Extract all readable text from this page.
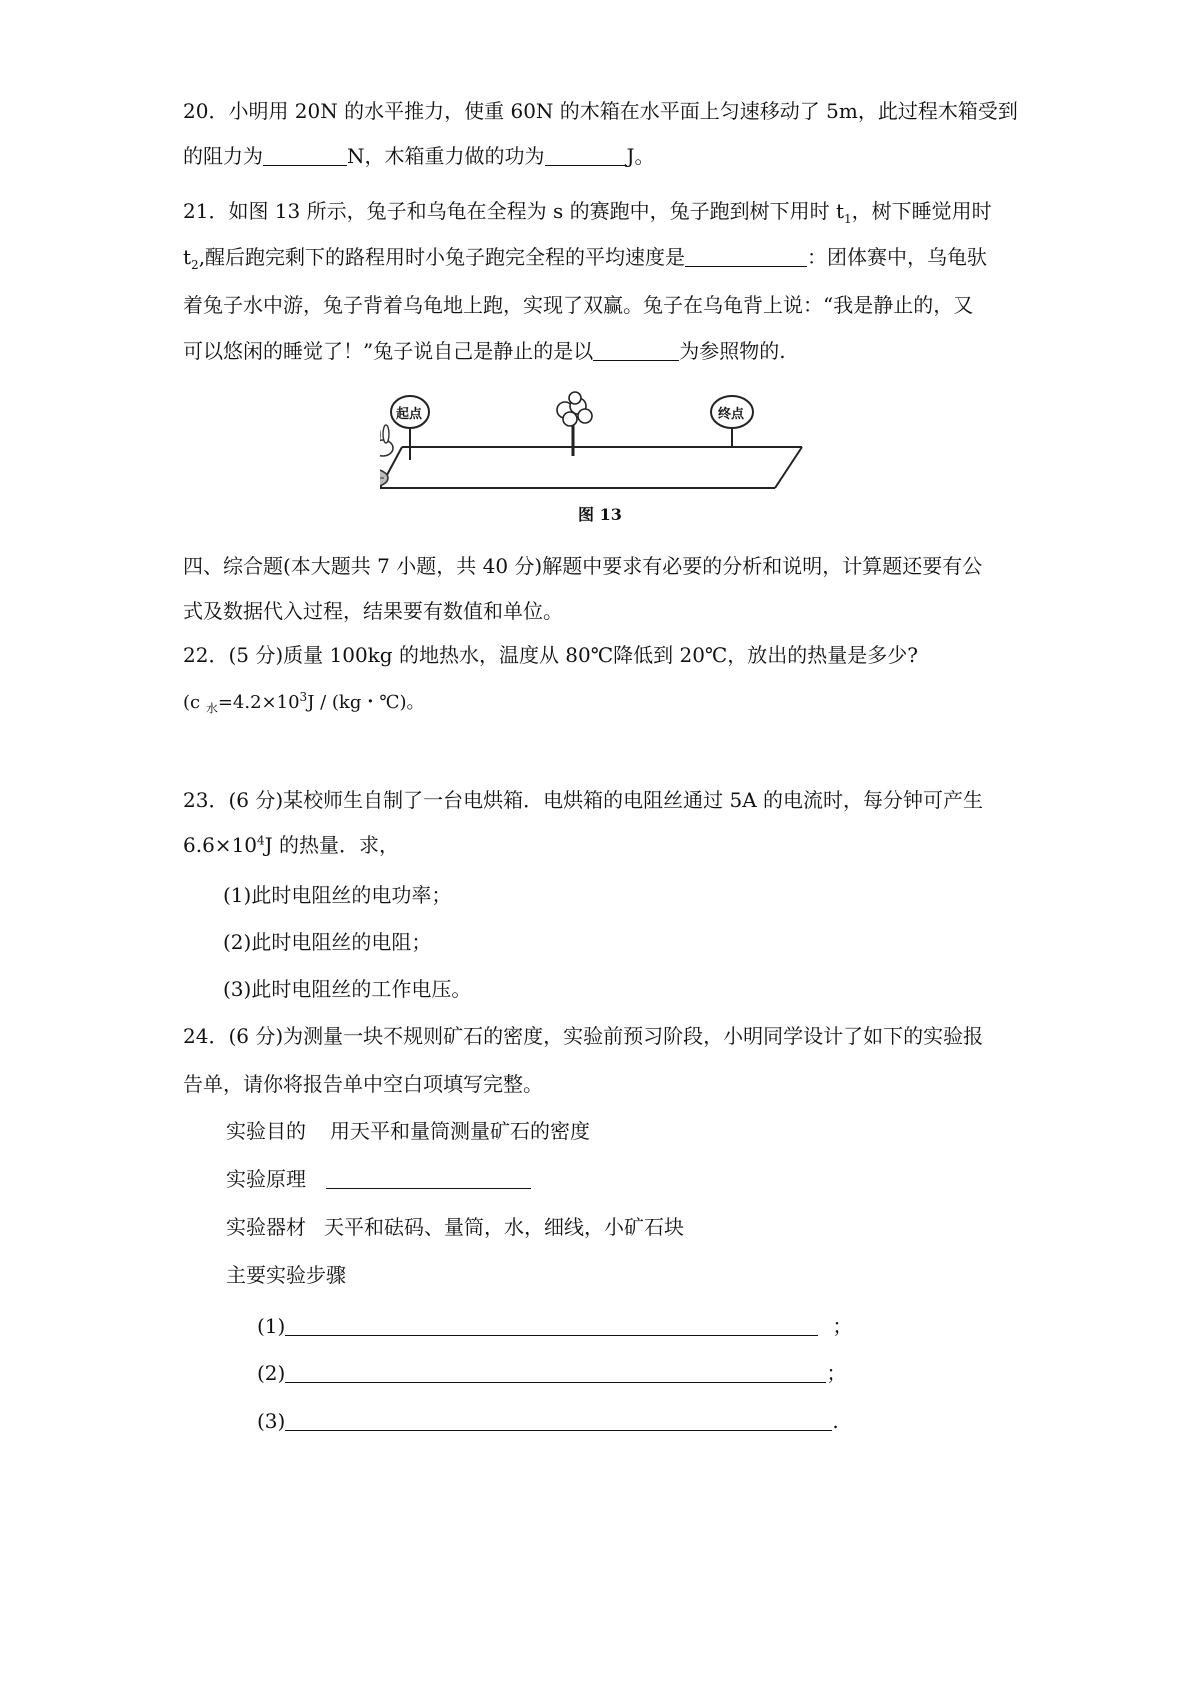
20．小明用 20N 的水平推力，使重 60N 的木箱在水平面上匀速移动了 5m，此过程木箱受到
的阻力为	N，木箱重力做的功为	J。
21．如图 13 所示，兔子和乌龟在全程为 s 的赛跑中，兔子跑到树下用时 $t_1$，树下睡觉用时
$t_2$,醒后跑完剩下的路程用时小兔子跑完全程的平均速度是	：团体赛中，乌龟驮
着兔子水中游，兔子背着乌龟地上跑，实现了双赢。兔子在乌龟背上说：“我是静止的，又
可以悠闲的睡觉了！”兔子说自己是静止的是以	为参照物的.
起点	终点
图 13
四、综合题(本大题共 7 小题，共 40 分)解题中要求有必要的分析和说明，计算题还要有公
式及数据代入过程，结果要有数值和单位。
22．(5 分)质量 100kg 的地热水，温度从 80℃降低到 20℃，放出的热量是多少?
(c $_水=4.2\times 10^3J / (kg$・℃)。
23．(6 分)某校师生自制了一台电烘箱．电烘箱的电阻丝通过 5A 的电流时，每分钟可产生
$6.6\times 10^4J$ 的热量．求，
(1)此时电阻丝的电功率；
(2)此时电阻丝的电阻；
(3)此时电阻丝的工作电压。
24．(6 分)为测量一块不规则矿石的密度，实验前预习阶段，小明同学设计了如下的实验报
告单，请你将报告单中空白项填写完整。
实验目的 用天平和量筒测量矿石的密度
实验原理
实验器材 天平和砝码、量筒，水，细线，小矿石块
主要实验步骤
(1)	；
(2)	；
(3)	.
